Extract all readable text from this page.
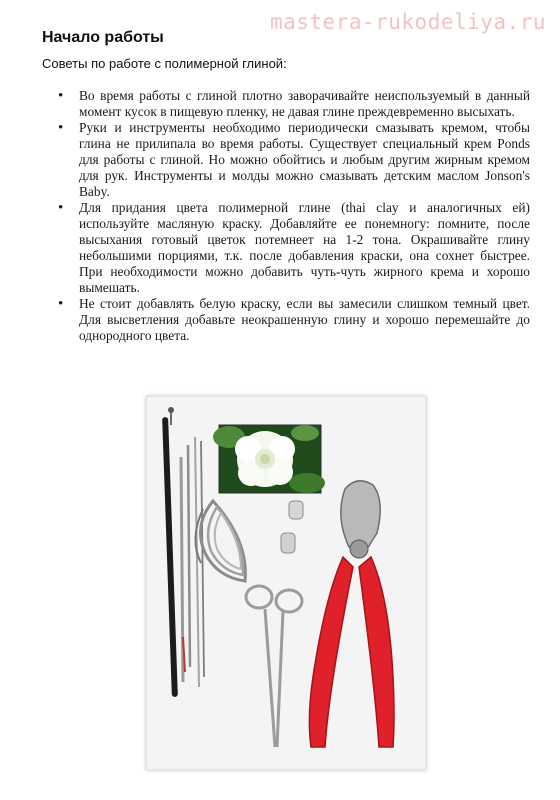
mastera-rukodeliya.ru
Начало работы

Советы по работе с полимерной глиной:

• Во время работы с глиной плотно заворачивайте неиспользуемый в данный момент кусок в пищевую пленку, не давая глине преждевременно высыхать.
• Руки и инструменты необходимо периодически смазывать кремом, чтобы глина не прилипала во время работы. Существует специальный крем Ponds для работы с глиной. Но можно обойтись и любым другим жирным кремом для рук. Инструменты и молды можно смазывать детским маслом Jonson's Baby.
• Для придания цвета полимерной глине (thai clay и аналогичных ей) используйте масляную краску. Добавляйте ее понемногу: помните, после высыхания готовый цветок потемнеет на 1-2 тона. Окрашивайте глину небольшими порциями, т.к. после добавления краски, она сохнет быстрее. При необходимости можно добавить чуть-чуть жирного крема и хорошо вымешать.
• Не стоит добавлять белую краску, если вы замесили слишком темный цвет. Для высветления добавьте неокрашенную глину и хорошо перемешайте до однородного цвета.
